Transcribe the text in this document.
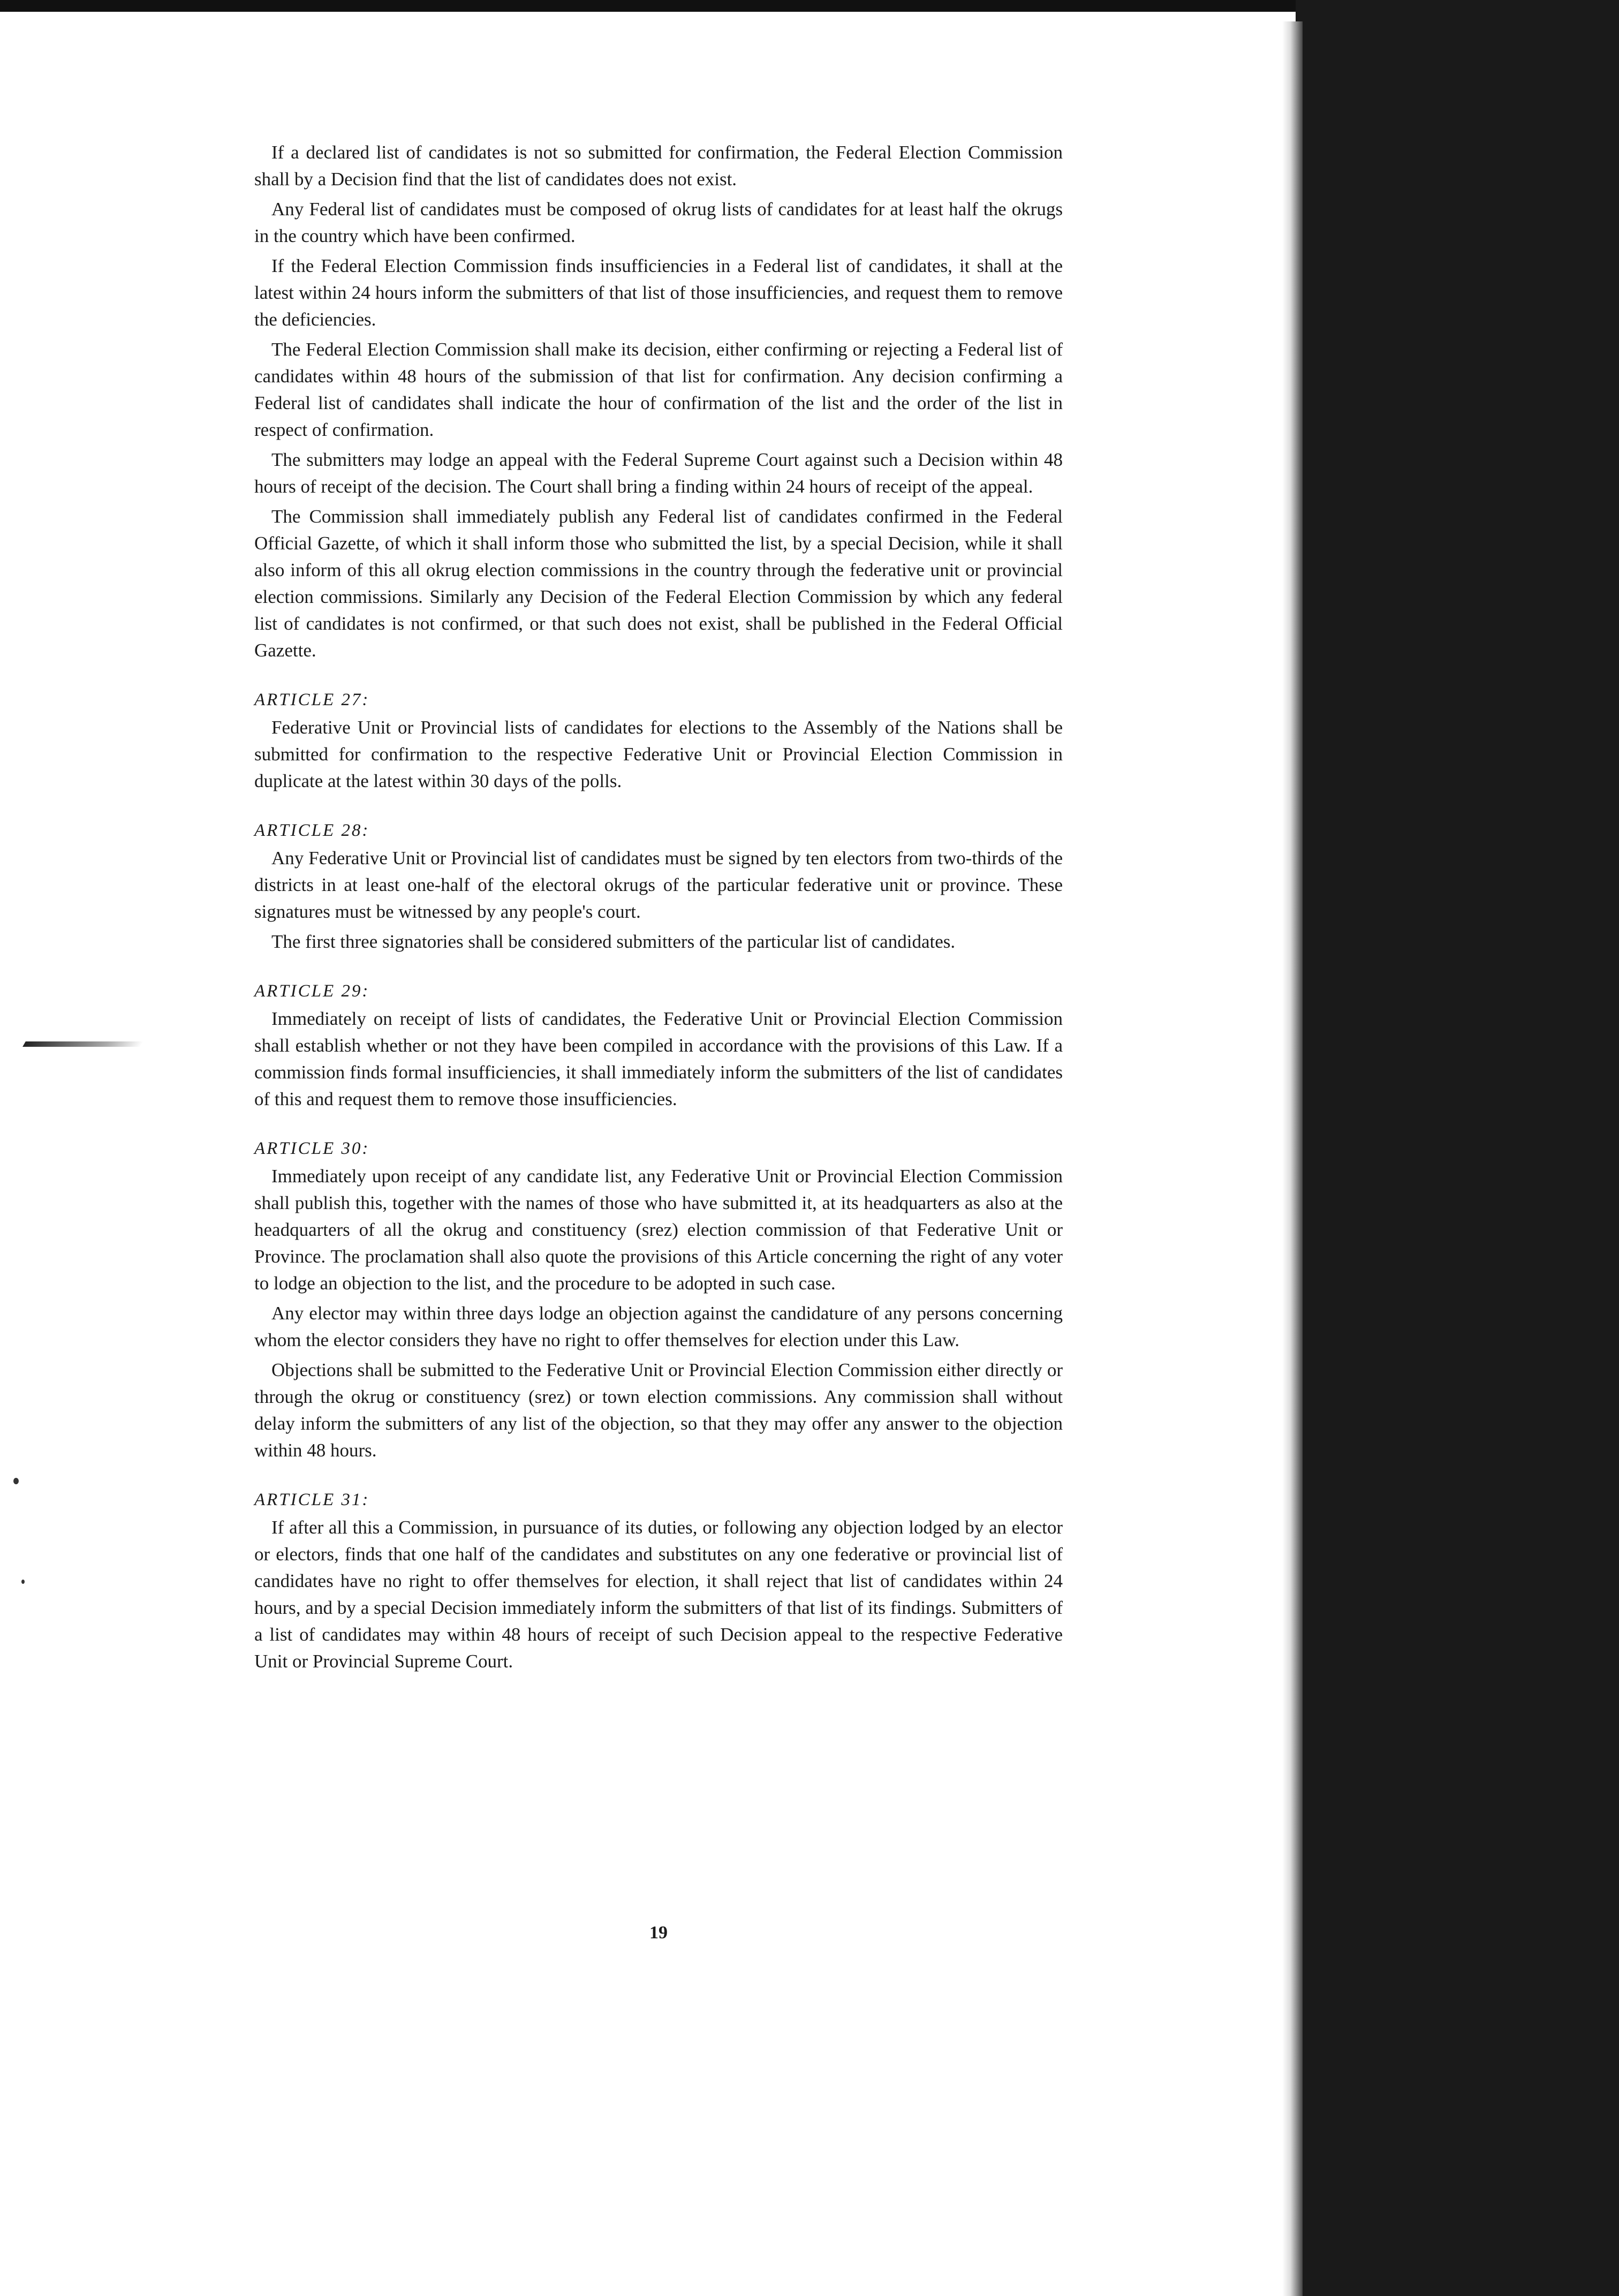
If a declared list of candidates is not so submitted for confirmation, the Federal Election Commission shall by a Decision find that the list of candidates does not exist.

Any Federal list of candidates must be composed of okrug lists of candidates for at least half the okrugs in the country which have been confirmed.

If the Federal Election Commission finds insufficiencies in a Federal list of candidates, it shall at the latest within 24 hours inform the submitters of that list of those insufficiencies, and request them to remove the deficiencies.

The Federal Election Commission shall make its decision, either confirming or rejecting a Federal list of candidates within 48 hours of the submission of that list for confirmation. Any decision confirming a Federal list of candidates shall indicate the hour of confirmation of the list and the order of the list in respect of confirmation.

The submitters may lodge an appeal with the Federal Supreme Court against such a Decision within 48 hours of receipt of the decision. The Court shall bring a finding within 24 hours of receipt of the appeal.

The Commission shall immediately publish any Federal list of candidates confirmed in the Federal Official Gazette, of which it shall inform those who submitted the list, by a special Decision, while it shall also inform of this all okrug election commissions in the country through the federative unit or provincial election commissions. Similarly any Decision of the Federal Election Commission by which any federal list of candidates is not confirmed, or that such does not exist, shall be published in the Federal Official Gazette.

ARTICLE 27:

Federative Unit or Provincial lists of candidates for elections to the Assembly of the Nations shall be submitted for confirmation to the respective Federative Unit or Provincial Election Commission in duplicate at the latest within 30 days of the polls.

ARTICLE 28:

Any Federative Unit or Provincial list of candidates must be signed by ten electors from two-thirds of the districts in at least one-half of the electoral okrugs of the particular federative unit or province. These signatures must be witnessed by any people's court.

The first three signatories shall be considered submitters of the particular list of candidates.

ARTICLE 29:

Immediately on receipt of lists of candidates, the Federative Unit or Provincial Election Commission shall establish whether or not they have been compiled in accordance with the provisions of this Law. If a commission finds formal insufficiencies, it shall immediately inform the submitters of the list of candidates of this and request them to remove those insufficiencies.

ARTICLE 30:

Immediately upon receipt of any candidate list, any Federative Unit or Provincial Election Commission shall publish this, together with the names of those who have submitted it, at its headquarters as also at the headquarters of all the okrug and constituency (srez) election commission of that Federative Unit or Province. The proclamation shall also quote the provisions of this Article concerning the right of any voter to lodge an objection to the list, and the procedure to be adopted in such case.

Any elector may within three days lodge an objection against the candidature of any persons concerning whom the elector considers they have no right to offer themselves for election under this Law.

Objections shall be submitted to the Federative Unit or Provincial Election Commission either directly or through the okrug or constituency (srez) or town election commissions. Any commission shall without delay inform the submitters of any list of the objection, so that they may offer any answer to the objection within 48 hours.

ARTICLE 31:

If after all this a Commission, in pursuance of its duties, or following any objection lodged by an elector or electors, finds that one half of the candidates and substitutes on any one federative or provincial list of candidates have no right to offer themselves for election, it shall reject that list of candidates within 24 hours, and by a special Decision immediately inform the submitters of that list of its findings. Submitters of a list of candidates may within 48 hours of receipt of such Decision appeal to the respective Federative Unit or Provincial Supreme Court.

19
